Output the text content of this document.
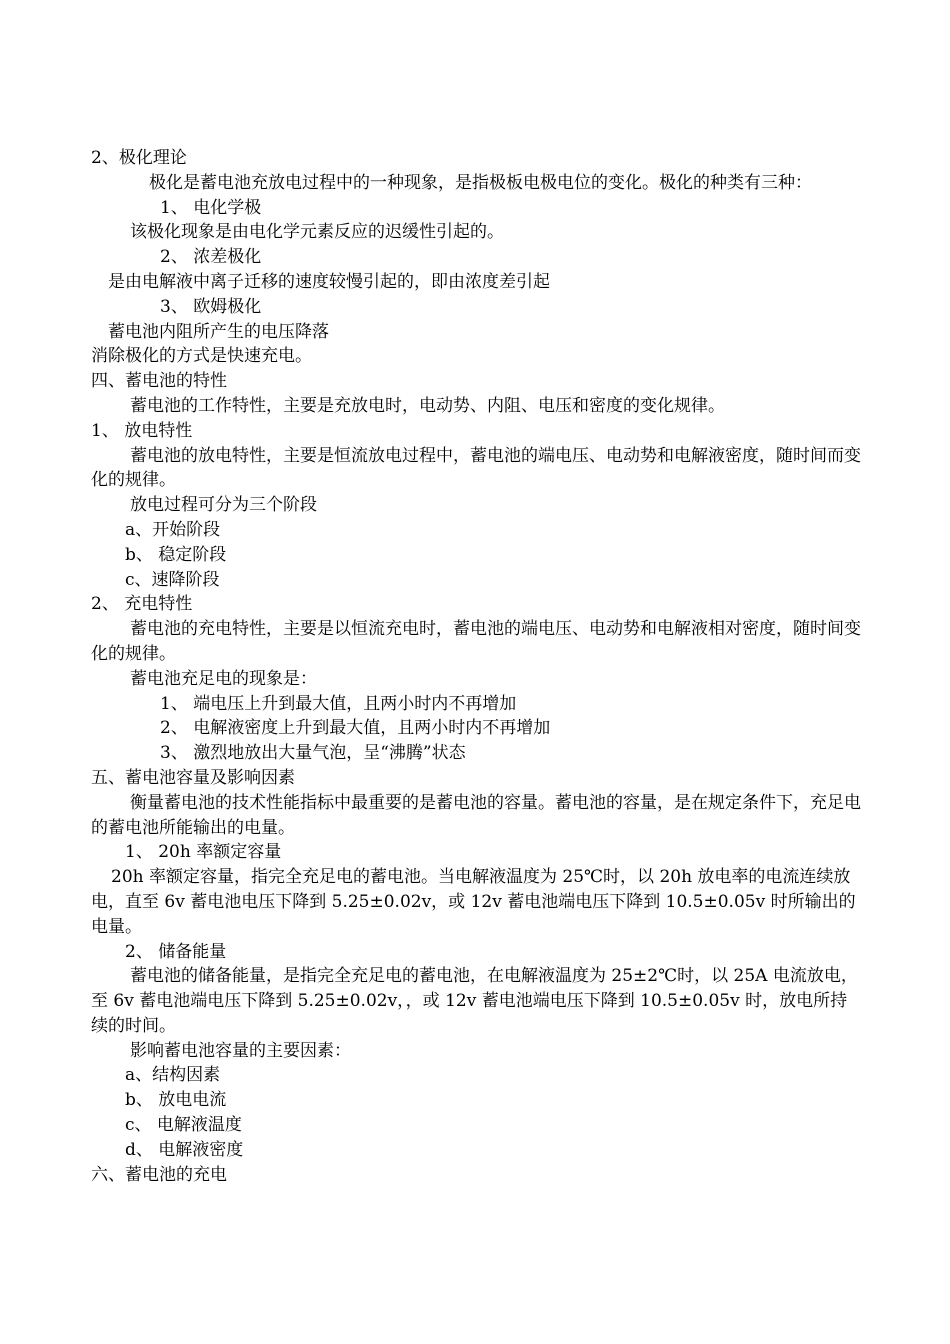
2、极化理论
极化是蓄电池充放电过程中的一种现象，是指极板电极电位的变化。极化的种类有三种：
1、 电化学极
该极化现象是由电化学元素反应的迟缓性引起的。
2、 浓差极化
是由电解液中离子迁移的速度较慢引起的，即由浓度差引起
3、 欧姆极化
蓄电池内阻所产生的电压降落
消除极化的方式是快速充电。
四、蓄电池的特性
蓄电池的工作特性，主要是充放电时，电动势、内阻、电压和密度的变化规律。
1、 放电特性
蓄电池的放电特性，主要是恒流放电过程中，蓄电池的端电压、电动势和电解液密度，随时间而变化的规律。
放电过程可分为三个阶段
a、开始阶段
b、 稳定阶段
c、速降阶段
2、 充电特性
蓄电池的充电特性，主要是以恒流充电时，蓄电池的端电压、电动势和电解液相对密度，随时间变化的规律。
蓄电池充足电的现象是：
1、 端电压上升到最大值，且两小时内不再增加
2、 电解液密度上升到最大值，且两小时内不再增加
3、 激烈地放出大量气泡，呈“沸腾”状态
五、蓄电池容量及影响因素
衡量蓄电池的技术性能指标中最重要的是蓄电池的容量。蓄电池的容量，是在规定条件下，充足电的蓄电池所能输出的电量。
1、 20h 率额定容量
20h 率额定容量，指完全充足电的蓄电池。当电解液温度为 25℃时，以 20h 放电率的电流连续放电，直至 6v 蓄电池电压下降到 5.25±0.02v，或 12v 蓄电池端电压下降到 10.5±0.05v 时所输出的电量。
2、 储备能量
蓄电池的储备能量，是指完全充足电的蓄电池，在电解液温度为 25±2℃时，以 25A 电流放电，至 6v 蓄电池端电压下降到 5.25±0.02v，，或 12v 蓄电池端电压下降到 10.5±0.05v 时，放电所持续的时间。
影响蓄电池容量的主要因素：
a、结构因素
b、 放电电流
c、 电解液温度
d、 电解液密度
六、蓄电池的充电
